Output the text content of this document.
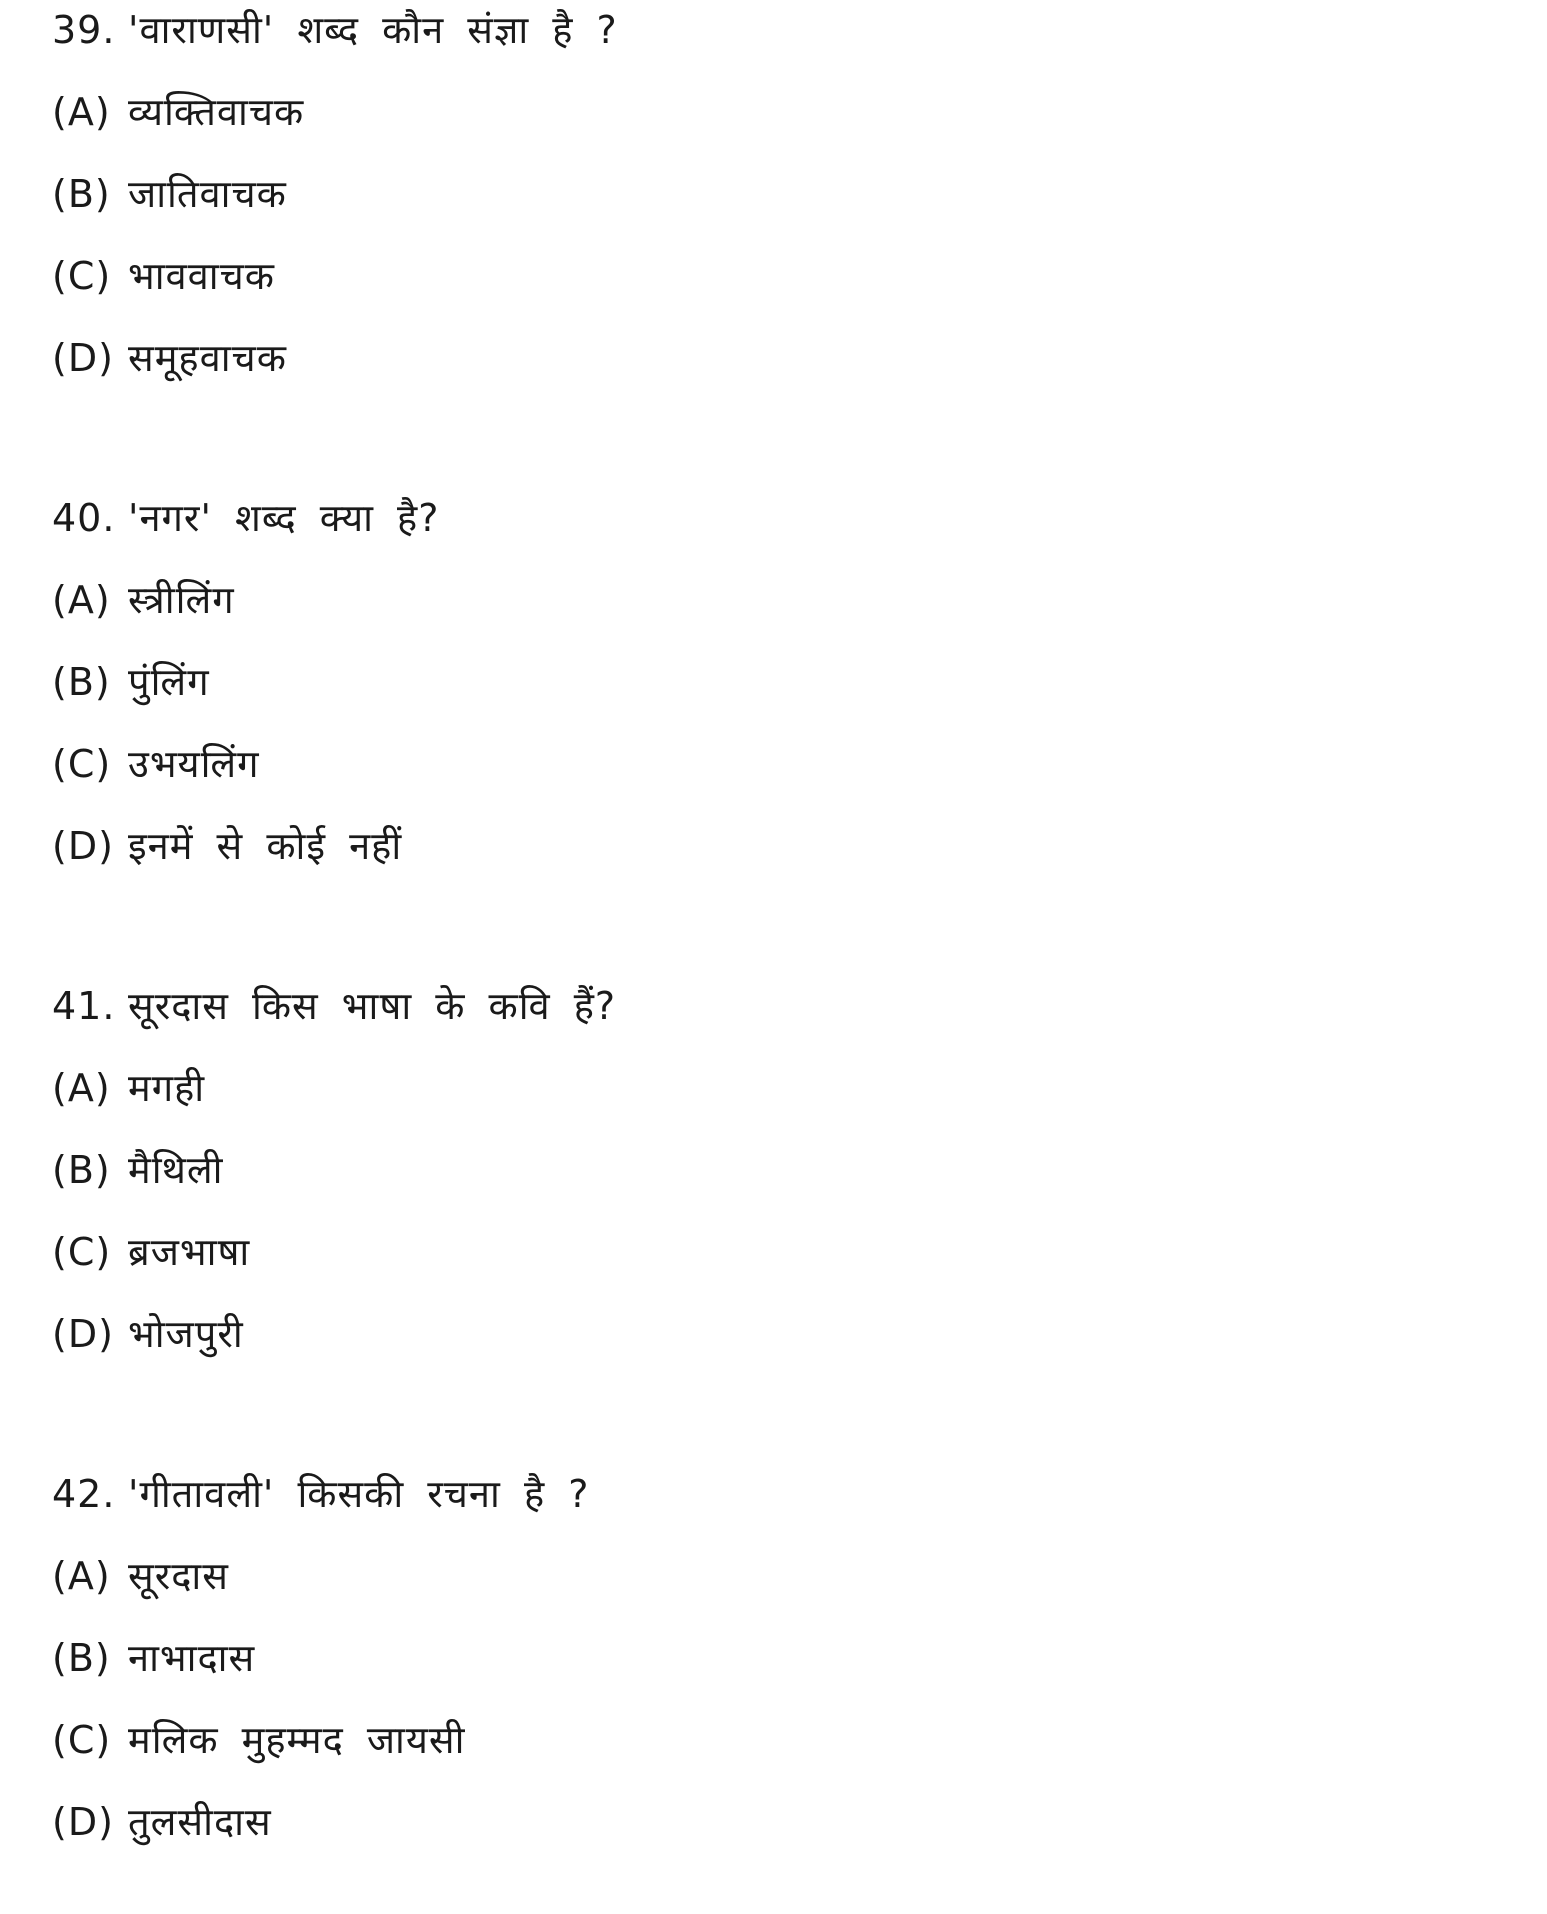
39. 'वाराणसी' शब्द कौन संज्ञा है ?
(A) व्यक्तिवाचक
(B) जातिवाचक
(C) भाववाचक
(D) समूहवाचक
40. 'नगर' शब्द क्या है?
(A) स्त्रीलिंग
(B) पुंलिंग
(C) उभयलिंग
(D) इनमें से कोई नहीं
41. सूरदास किस भाषा के कवि हैं?
(A) मगही
(B) मैथिली
(C) ब्रजभाषा
(D) भोजपुरी
42. 'गीतावली' किसकी रचना है ?
(A) सूरदास
(B) नाभादास
(C) मलिक मुहम्मद जायसी
(D) तुलसीदास
